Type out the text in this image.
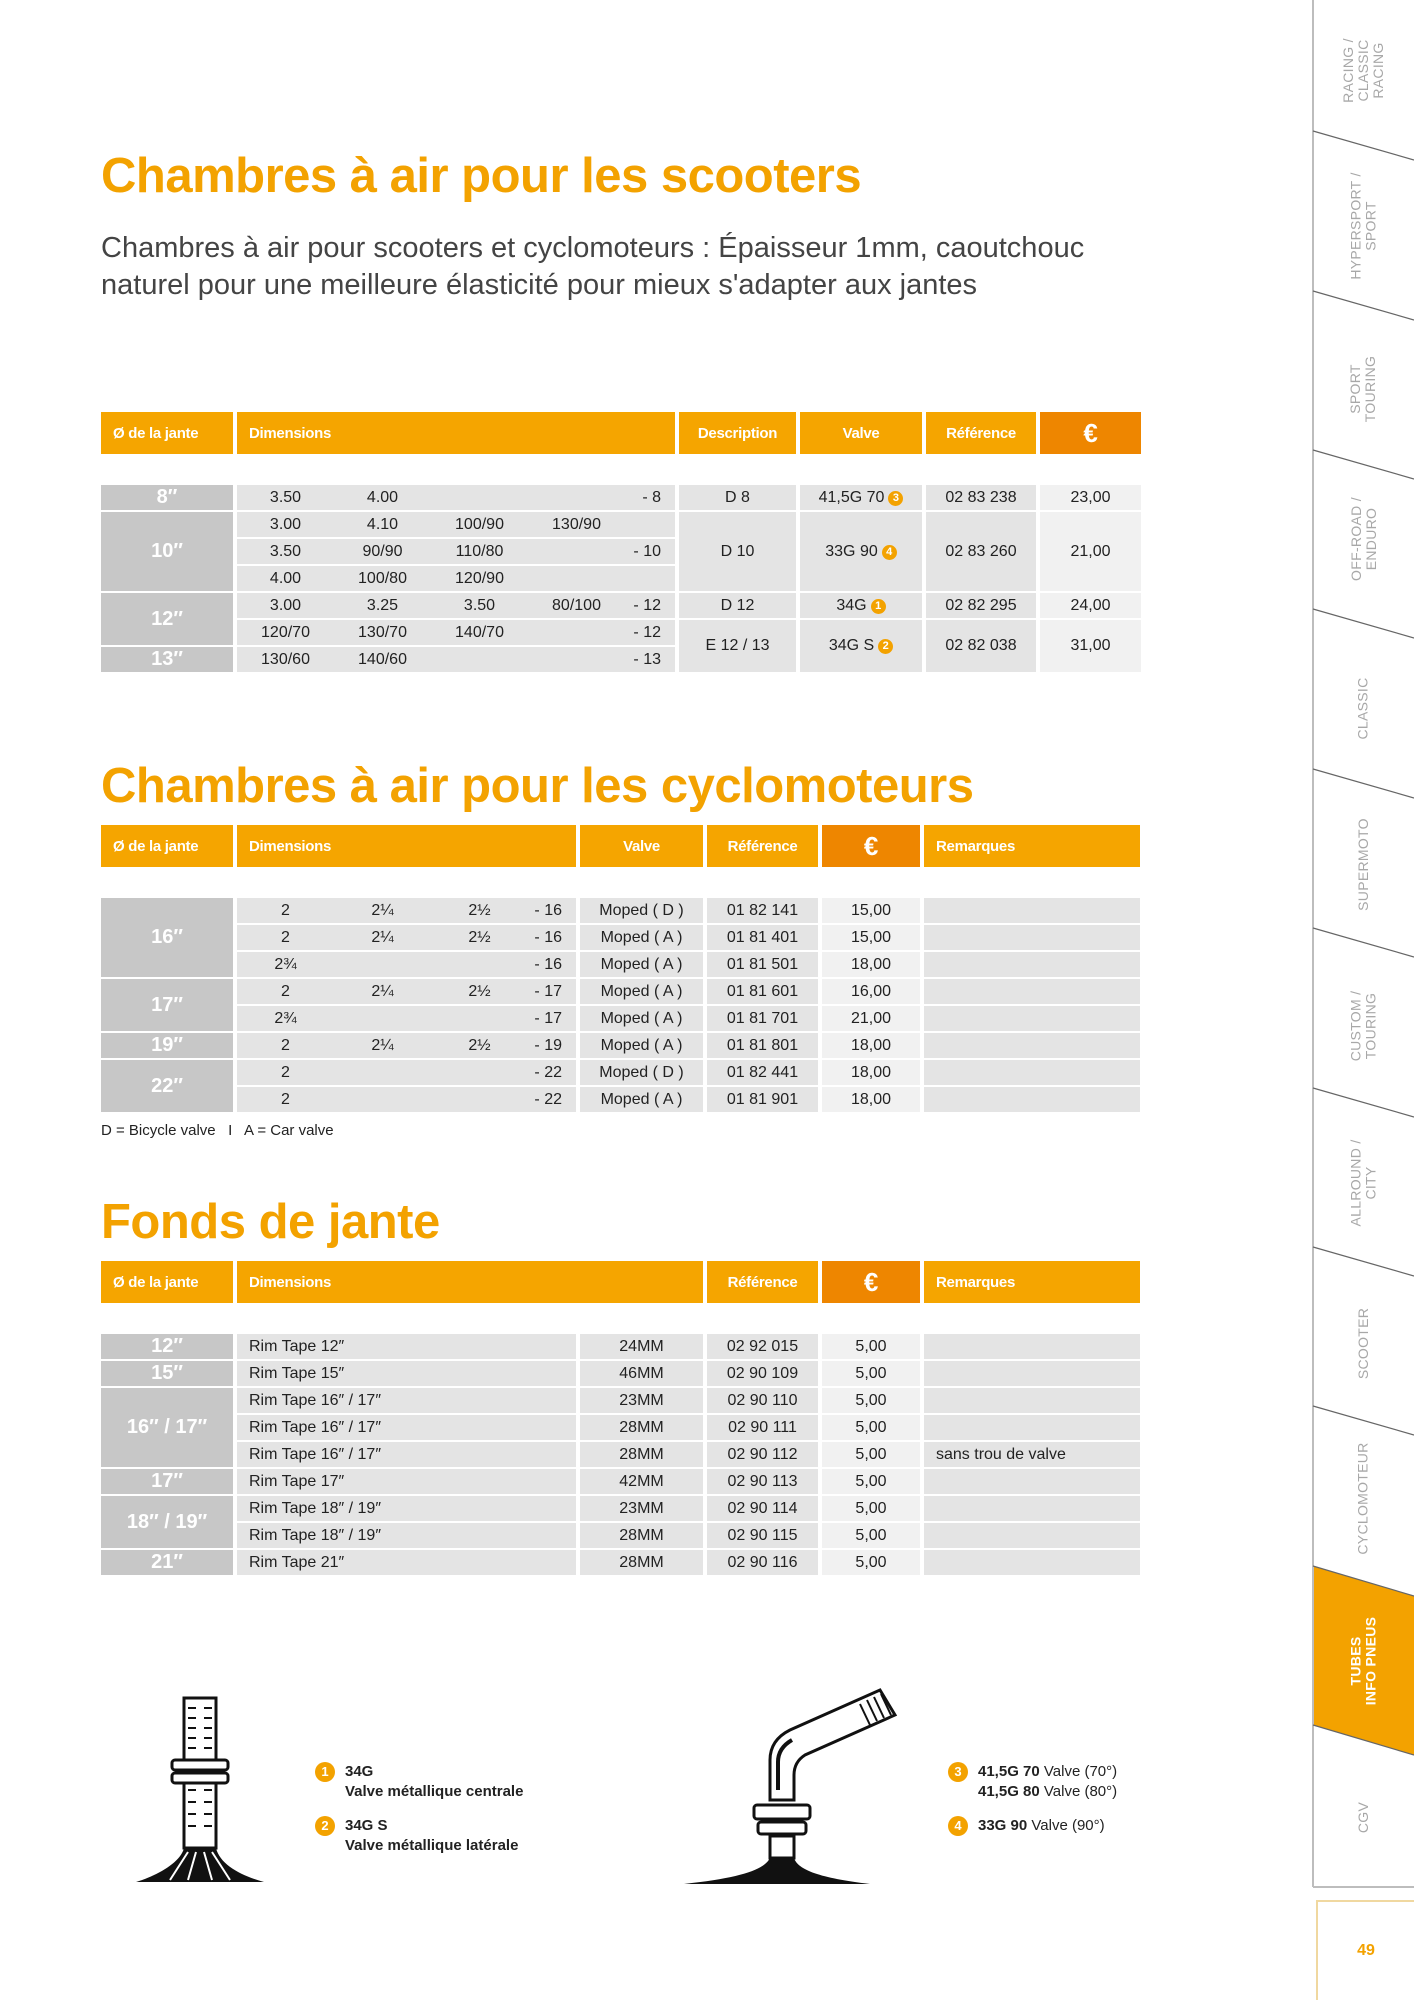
Chambres à air pour les scooters
Chambres à air pour scooters et cyclomoteurs : Épaisseur 1mm, caoutchouc naturel pour une meilleure élasticité pour mieux s'adapter aux jantes
Ø de la jante	Dimensions	Description	Valve	Référence	€
8″	3.50 4.00 - 8	D 8	41,5G 70 3	02 83 238	23,00
10″	3.00 4.10 100/90 130/90	D 10	33G 90 4	02 83 260	21,00

	3.50 90/90 110/80 - 10				

	4.00 100/80 120/90				

12″	3.00 3.25 3.50 80/100 - 12	D 12	34G 1	02 82 295	24,00

	120/70 130/70 140/70 - 12	E 12 / 13	34G S 2	02 82 038	31,00
13″	130/60 140/60 - 13				
Chambres à air pour les cyclomoteurs
Ø de la jante	Dimensions	Valve	Référence	€	Remarques
16″	2 2¼ 2½ - 16	Moped ( D )	01 82 141	15,00	

	2 2¼ 2½ - 16	Moped ( A )	01 81 401	15,00	

	2¾ - 16	Moped ( A )	01 81 501	18,00	
17″	2 2¼ 2½ - 17	Moped ( A )	01 81 601	16,00	

	2¾ - 17	Moped ( A )	01 81 701	21,00	
19″	2 2¼ 2½ - 19	Moped ( A )	01 81 801	18,00	
22″	2 - 22	Moped ( D )	01 82 441	18,00	

	2 - 22	Moped ( A )	01 81 901	18,00	
D = Bicycle valve   I   A = Car valve
Fonds de jante
Ø de la jante	Dimensions	Référence	€	Remarques
12″	Rim Tape 12″	24MM	02 92 015	5,00	
15″	Rim Tape 15″	46MM	02 90 109	5,00	
16″ / 17″	Rim Tape 16″ / 17″	23MM	02 90 110	5,00	
	Rim Tape 16″ / 17″	28MM	02 90 111	5,00	
	Rim Tape 16″ / 17″	28MM	02 90 112	5,00	sans trou de valve
17″	Rim Tape 17″	42MM	02 90 113	5,00	
18″ / 19″	Rim Tape 18″ / 19″	23MM	02 90 114	5,00	
	Rim Tape 18″ / 19″	28MM	02 90 115	5,00	
21″	Rim Tape 21″	28MM	02 90 116	5,00	
1	34G
Valve métallique centrale
2	34G S
Valve métallique latérale
3	41,5G 70 Valve (70°)
41,5G 80 Valve (80°)
4	33G 90 Valve (90°)
RACING /
CLASSIC
RACING
HYPERSPORT /
SPORT
SPORT
TOURING
OFF-ROAD /
ENDURO
CLASSIC
SUPERMOTO
CUSTOM /
TOURING
ALLROUND /
CITY
SCOOTER
CYCLOMOTEUR
TUBES
INFO PNEUS
CGV
49
